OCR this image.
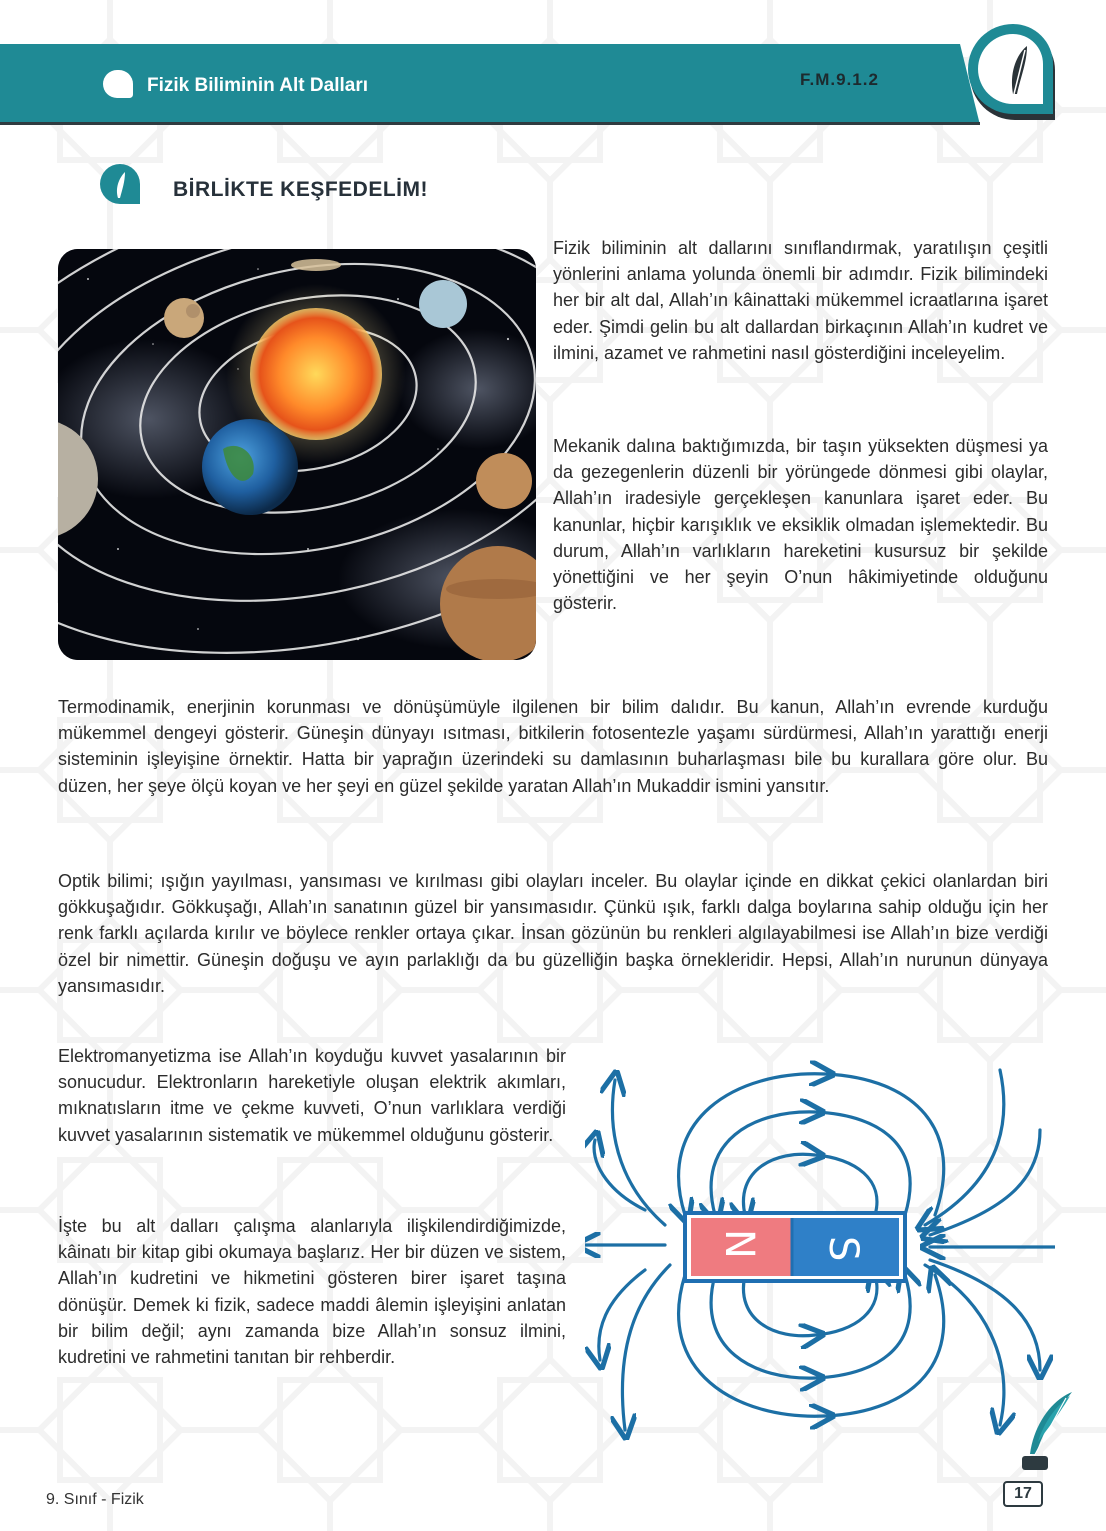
Fizik Biliminin Alt Dalları	F.M.9.1.2
BİRLİKTE KEŞFEDELİM!

Fizik biliminin alt dallarını sınıflandırmak, yaratılışın çeşitli yönlerini anlama yolunda önemli bir adımdır. Fizik bilimindeki her bir alt dal, Allah’ın kâinattaki mükemmel icraatlarına işaret eder. Şimdi gelin bu alt dallardan birkaçının Allah’ın kudret ve ilmini, azamet ve rahmetini nasıl gösterdiğini inceleyelim.

Mekanik dalına baktığımızda, bir taşın yüksekten düşmesi ya da gezegenlerin düzenli bir yörüngede dönmesi gibi olaylar, Allah’ın iradesiyle gerçekleşen kanunlara işaret eder. Bu kanunlar, hiçbir karışıklık ve eksiklik olmadan işlemektedir. Bu durum, Allah’ın varlıkların hareketini kusursuz bir şekilde yönettiğini ve her şeyin O’nun hâkimiyetinde olduğunu gösterir.

Termodinamik, enerjinin korunması ve dönüşümüyle ilgilenen bir bilim dalıdır. Bu kanun, Allah’ın evrende kurduğu mükemmel dengeyi gösterir. Güneşin dünyayı ısıtması, bitkilerin fotosentezle yaşamı sürdürmesi, Allah’ın yarattığı enerji sisteminin işleyişine örnektir. Hatta bir yaprağın üzerindeki su damlasının buharlaşması bile bu kurallara göre olur. Bu düzen, her şeye ölçü koyan ve her şeyi en güzel şekilde yaratan Allah’ın Mukaddir ismini yansıtır.

Optik bilimi; ışığın yayılması, yansıması ve kırılması gibi olayları inceler. Bu olaylar içinde en dikkat çekici olanlardan biri gökkuşağıdır. Gökkuşağı, Allah’ın sanatının güzel bir yansımasıdır. Çünkü ışık, farklı dalga boylarına sahip olduğu için her renk farklı açılarda kırılır ve böylece renkler ortaya çıkar. İnsan gözünün bu renkleri algılayabilmesi ise Allah’ın bize verdiği özel bir nimettir. Güneşin doğuşu ve ayın parlaklığı da bu güzelliğin başka örnekleridir. Hepsi, Allah’ın nurunun dünyaya yansımasıdır.

Elektromanyetizma ise Allah’ın koyduğu kuvvet yasalarının bir sonucudur. Elektronların hareketiyle oluşan elektrik akımları, mıknatısların itme ve çekme kuvveti, O’nun varlıklara verdiği kuvvet yasalarının sistematik ve mükemmel olduğunu gösterir.

İşte bu alt dalları çalışma alanlarıyla ilişkilendirdiğimizde, kâinatı bir kitap gibi okumaya başlarız. Her bir düzen ve sistem, Allah’ın kudretini ve hikmetini gösteren birer işaret taşına dönüşür. Demek ki fizik, sadece maddi âlemin işleyişini anlatan bir bilim değil; aynı zamanda bize Allah’ın sonsuz ilmini, kudretini ve rahmetini tanıtan bir rehberdir.

N S
9. Sınıf - Fizik	17
